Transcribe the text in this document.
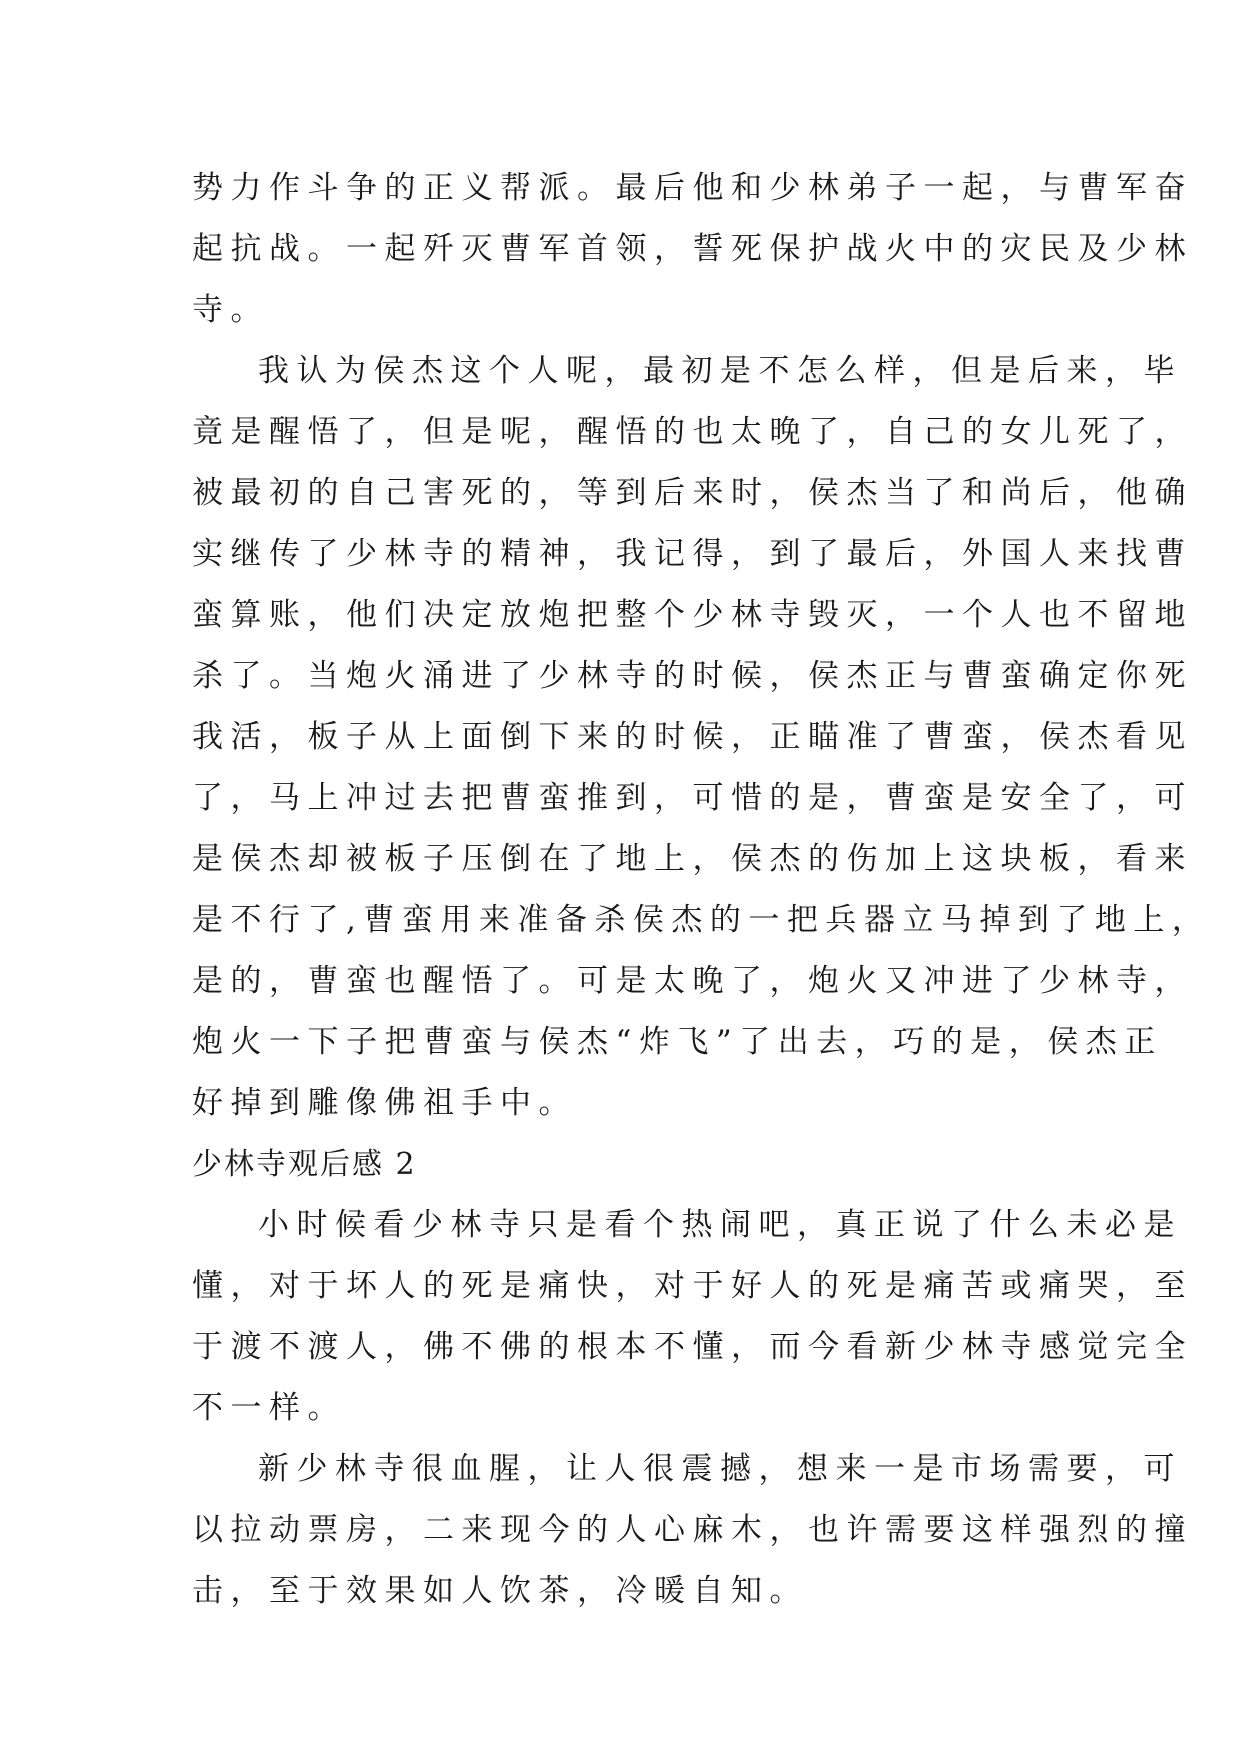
势力作斗争的正义帮派。最后他和少林弟子一起，与曹军奋
起抗战。一起歼灭曹军首领，誓死保护战火中的灾民及少林
寺。
我认为侯杰这个人呢，最初是不怎么样，但是后来，毕
竟是醒悟了，但是呢，醒悟的也太晚了，自己的女儿死了，
被最初的自己害死的，等到后来时，侯杰当了和尚后，他确
实继传了少林寺的精神，我记得，到了最后，外国人来找曹
蛮算账，他们决定放炮把整个少林寺毁灭，一个人也不留地
杀了。当炮火涌进了少林寺的时候，侯杰正与曹蛮确定你死
我活，板子从上面倒下来的时候，正瞄准了曹蛮，侯杰看见
了，马上冲过去把曹蛮推到，可惜的是，曹蛮是安全了，可
是侯杰却被板子压倒在了地上，侯杰的伤加上这块板，看来
是不行了,曹蛮用来准备杀侯杰的一把兵器立马掉到了地上，
是的，曹蛮也醒悟了。可是太晚了，炮火又冲进了少林寺，
炮火一下子把曹蛮与侯杰“炸飞”了出去，巧的是，侯杰正
好掉到雕像佛祖手中。
少林寺观后感 2
小时候看少林寺只是看个热闹吧，真正说了什么未必是
懂，对于坏人的死是痛快，对于好人的死是痛苦或痛哭，至
于渡不渡人，佛不佛的根本不懂，而今看新少林寺感觉完全
不一样。
新少林寺很血腥，让人很震撼，想来一是市场需要，可
以拉动票房，二来现今的人心麻木，也许需要这样强烈的撞
击，至于效果如人饮茶，冷暖自知。
